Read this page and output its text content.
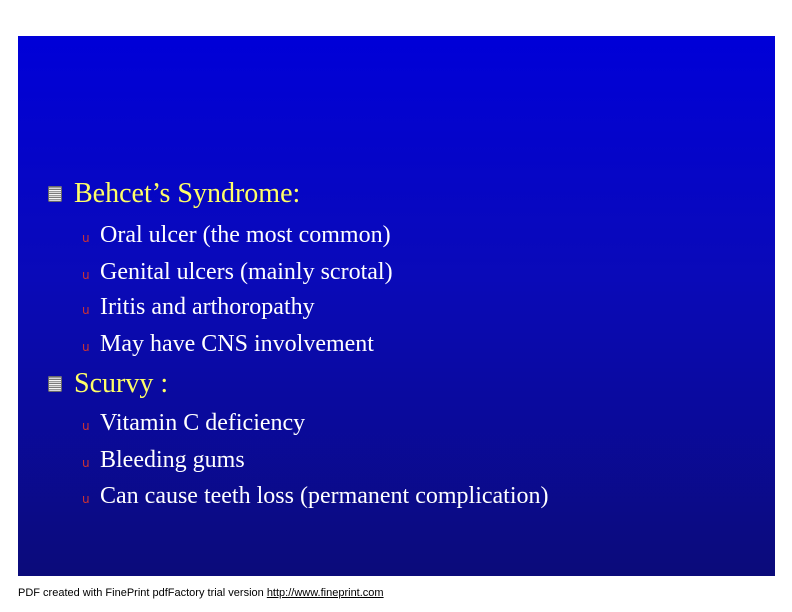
Behcet’s Syndrome:
u Oral ulcer (the most common)
u Genital ulcers (mainly scrotal)
u Iritis and arthoropathy
u May have CNS involvement
Scurvy :
u Vitamin C deficiency
u Bleeding gums
u Can cause teeth loss (permanent complication)
PDF created with FinePrint pdfFactory trial version http://www.fineprint.com
